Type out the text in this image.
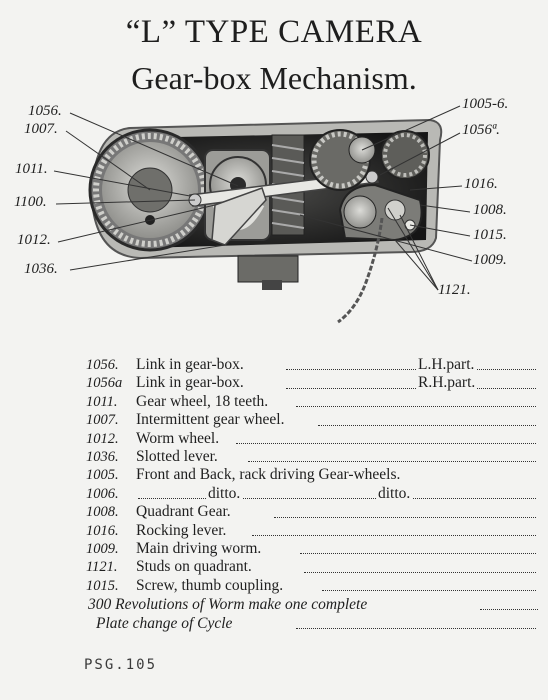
“L” TYPE CAMERA
Gear-box Mechanism.
1056.
1007.
1011.
1100.
1012.
1036.
1005-6.
1056ª.
1016.
1008.
1015.
1009.
1121.
1056. Link in gear-box.	L.H.part.
1056a Link in gear-box.	R.H.part.
1011. Gear wheel, 18 teeth.
1007. Intermittent gear wheel.
1012. Worm wheel.
1036. Slotted lever.
1005. Front and Back, rack driving Gear-wheels.
1006.	ditto.	ditto.
1008. Quadrant Gear.
1016. Rocking lever.
1009. Main driving worm.
1121. Studs on quadrant.
1015. Screw, thumb coupling.
300 Revolutions of Worm make one complete
Plate change of Cycle
PSG.105
